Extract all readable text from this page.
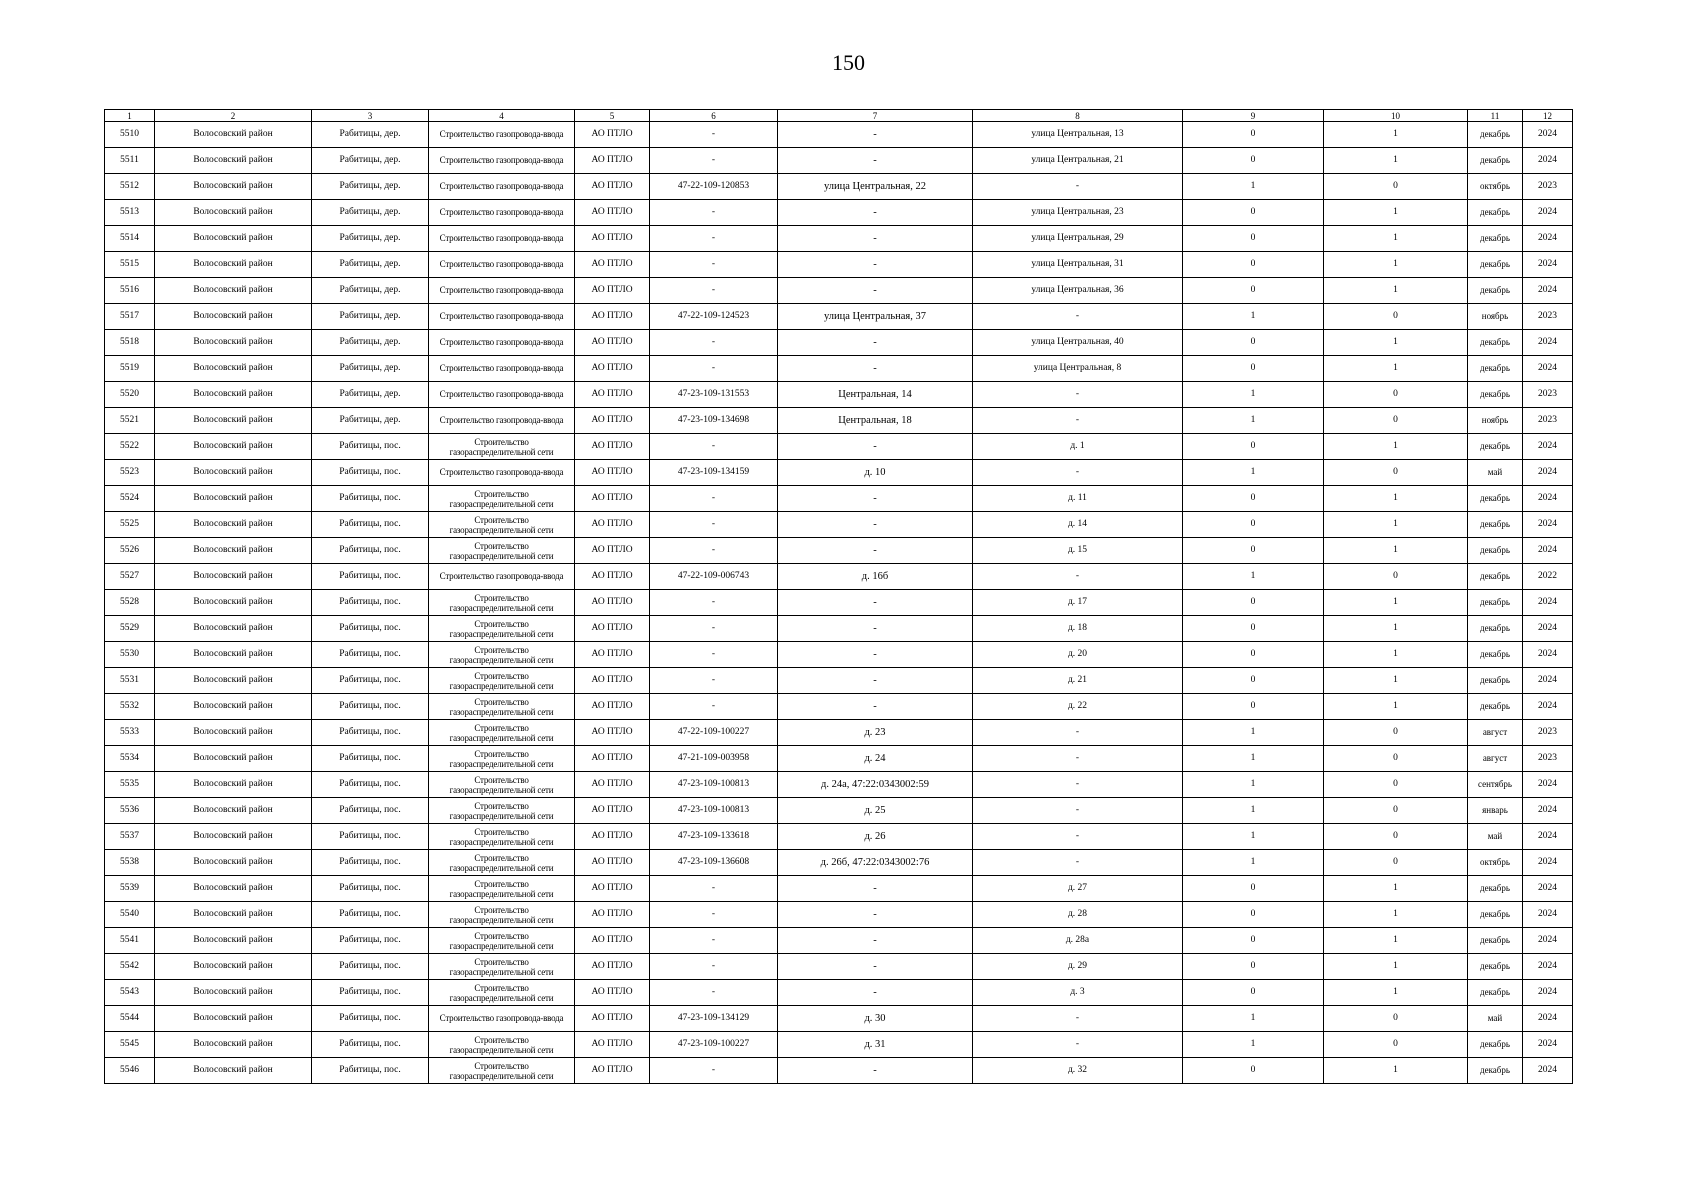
150
1	2	3	4	5	6	7	8	9	10	11	12
5510	Волосовский район	Рабитицы, дер.	Строительство газопровода-ввода	АО ПТЛО	-	-	улица Центральная, 13	0	1	декабрь	2024
5511	Волосовский район	Рабитицы, дер.	Строительство газопровода-ввода	АО ПТЛО	-	-	улица Центральная, 21	0	1	декабрь	2024
5512	Волосовский район	Рабитицы, дер.	Строительство газопровода-ввода	АО ПТЛО	47-22-109-120853	улица Центральная, 22	-	1	0	октябрь	2023
5513	Волосовский район	Рабитицы, дер.	Строительство газопровода-ввода	АО ПТЛО	-	-	улица Центральная, 23	0	1	декабрь	2024
5514	Волосовский район	Рабитицы, дер.	Строительство газопровода-ввода	АО ПТЛО	-	-	улица Центральная, 29	0	1	декабрь	2024
5515	Волосовский район	Рабитицы, дер.	Строительство газопровода-ввода	АО ПТЛО	-	-	улица Центральная, 31	0	1	декабрь	2024
5516	Волосовский район	Рабитицы, дер.	Строительство газопровода-ввода	АО ПТЛО	-	-	улица Центральная, 36	0	1	декабрь	2024
5517	Волосовский район	Рабитицы, дер.	Строительство газопровода-ввода	АО ПТЛО	47-22-109-124523	улица Центральная, 37	-	1	0	ноябрь	2023
5518	Волосовский район	Рабитицы, дер.	Строительство газопровода-ввода	АО ПТЛО	-	-	улица Центральная, 40	0	1	декабрь	2024
5519	Волосовский район	Рабитицы, дер.	Строительство газопровода-ввода	АО ПТЛО	-	-	улица Центральная, 8	0	1	декабрь	2024
5520	Волосовский район	Рабитицы, дер.	Строительство газопровода-ввода	АО ПТЛО	47-23-109-131553	Центральная, 14	-	1	0	декабрь	2023
5521	Волосовский район	Рабитицы, дер.	Строительство газопровода-ввода	АО ПТЛО	47-23-109-134698	Центральная, 18	-	1	0	ноябрь	2023
5522	Волосовский район	Рабитицы, пос.	Строительство газораспределительной сети	АО ПТЛО	-	-	д. 1	0	1	декабрь	2024
5523	Волосовский район	Рабитицы, пос.	Строительство газопровода-ввода	АО ПТЛО	47-23-109-134159	д. 10	-	1	0	май	2024
5524	Волосовский район	Рабитицы, пос.	Строительство газораспределительной сети	АО ПТЛО	-	-	д. 11	0	1	декабрь	2024
5525	Волосовский район	Рабитицы, пос.	Строительство газораспределительной сети	АО ПТЛО	-	-	д. 14	0	1	декабрь	2024
5526	Волосовский район	Рабитицы, пос.	Строительство газораспределительной сети	АО ПТЛО	-	-	д. 15	0	1	декабрь	2024
5527	Волосовский район	Рабитицы, пос.	Строительство газопровода-ввода	АО ПТЛО	47-22-109-006743	д. 16б	-	1	0	декабрь	2022
5528	Волосовский район	Рабитицы, пос.	Строительство газораспределительной сети	АО ПТЛО	-	-	д. 17	0	1	декабрь	2024
5529	Волосовский район	Рабитицы, пос.	Строительство газораспределительной сети	АО ПТЛО	-	-	д. 18	0	1	декабрь	2024
5530	Волосовский район	Рабитицы, пос.	Строительство газораспределительной сети	АО ПТЛО	-	-	д. 20	0	1	декабрь	2024
5531	Волосовский район	Рабитицы, пос.	Строительство газораспределительной сети	АО ПТЛО	-	-	д. 21	0	1	декабрь	2024
5532	Волосовский район	Рабитицы, пос.	Строительство газораспределительной сети	АО ПТЛО	-	-	д. 22	0	1	декабрь	2024
5533	Волосовский район	Рабитицы, пос.	Строительство газораспределительной сети	АО ПТЛО	47-22-109-100227	д. 23	-	1	0	август	2023
5534	Волосовский район	Рабитицы, пос.	Строительство газораспределительной сети	АО ПТЛО	47-21-109-003958	д. 24	-	1	0	август	2023
5535	Волосовский район	Рабитицы, пос.	Строительство газораспределительной сети	АО ПТЛО	47-23-109-100813	д. 24а, 47:22:0343002:59	-	1	0	сентябрь	2024
5536	Волосовский район	Рабитицы, пос.	Строительство газораспределительной сети	АО ПТЛО	47-23-109-100813	д. 25	-	1	0	январь	2024
5537	Волосовский район	Рабитицы, пос.	Строительство газораспределительной сети	АО ПТЛО	47-23-109-133618	д. 26	-	1	0	май	2024
5538	Волосовский район	Рабитицы, пос.	Строительство газораспределительной сети	АО ПТЛО	47-23-109-136608	д. 26б, 47:22:0343002:76	-	1	0	октябрь	2024
5539	Волосовский район	Рабитицы, пос.	Строительство газораспределительной сети	АО ПТЛО	-	-	д. 27	0	1	декабрь	2024
5540	Волосовский район	Рабитицы, пос.	Строительство газораспределительной сети	АО ПТЛО	-	-	д. 28	0	1	декабрь	2024
5541	Волосовский район	Рабитицы, пос.	Строительство газораспределительной сети	АО ПТЛО	-	-	д. 28а	0	1	декабрь	2024
5542	Волосовский район	Рабитицы, пос.	Строительство газораспределительной сети	АО ПТЛО	-	-	д. 29	0	1	декабрь	2024
5543	Волосовский район	Рабитицы, пос.	Строительство газораспределительной сети	АО ПТЛО	-	-	д. 3	0	1	декабрь	2024
5544	Волосовский район	Рабитицы, пос.	Строительство газопровода-ввода	АО ПТЛО	47-23-109-134129	д. 30	-	1	0	май	2024
5545	Волосовский район	Рабитицы, пос.	Строительство газораспределительной сети	АО ПТЛО	47-23-109-100227	д. 31	-	1	0	декабрь	2024
5546	Волосовский район	Рабитицы, пос.	Строительство газораспределительной сети	АО ПТЛО	-	-	д. 32	0	1	декабрь	2024
